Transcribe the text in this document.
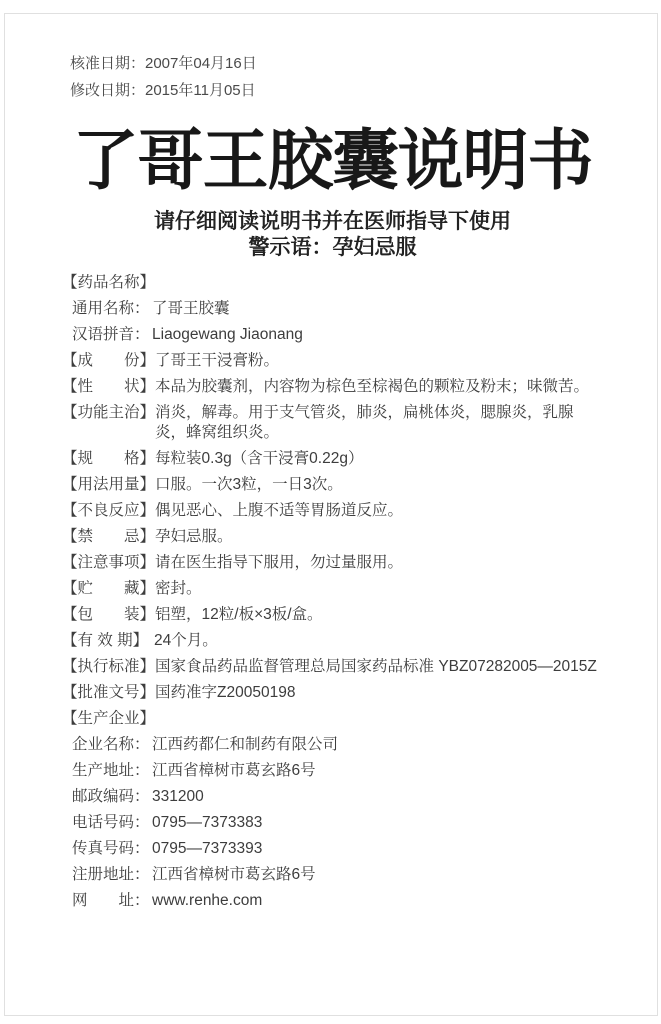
核准日期：2007年04月16日
修改日期：2015年11月05日
了哥王胶囊说明书
请仔细阅读说明书并在医师指导下使用
警示语：孕妇忌服
【药品名称】
通用名称： 了哥王胶囊
汉语拼音： Liaogewang Jiaonang
【成　　份】 了哥王干浸膏粉。
【性　　状】 本品为胶囊剂，内容物为棕色至棕褐色的颗粒及粉末；味微苦。
【功能主治】 消炎，解毒。用于支气管炎，肺炎，扁桃体炎，腮腺炎，乳腺炎，蜂窝组织炎。
【规　　格】 每粒装0.3g（含干浸膏0.22g）
【用法用量】 口服。一次3粒，一日3次。
【不良反应】 偶见恶心、上腹不适等胃肠道反应。
【禁　　忌】 孕妇忌服。
【注意事项】 请在医生指导下服用，勿过量服用。
【贮　　藏】 密封。
【包　　装】 铝塑，12粒/板×3板/盒。
【有 效 期】 24个月。
【执行标准】 国家食品药品监督管理总局国家药品标准 YBZ07282005—2015Z
【批准文号】 国药准字Z20050198
【生产企业】
企业名称： 江西药都仁和制药有限公司
生产地址： 江西省樟树市葛玄路6号
邮政编码： 331200
电话号码： 0795—7373383
传真号码： 0795—7373393
注册地址： 江西省樟树市葛玄路6号
网　　址： www.renhe.com
